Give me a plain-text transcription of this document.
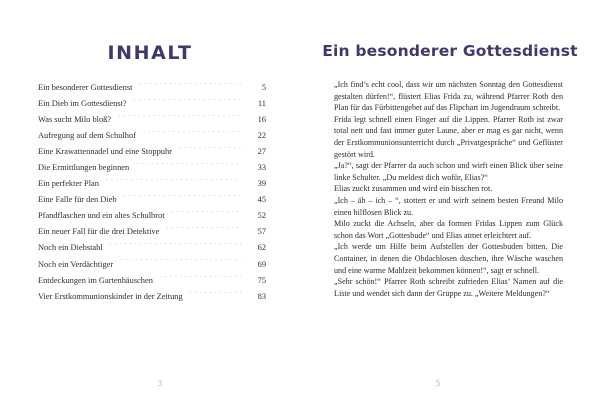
INHALT
Ein besonderer Gottesdienst . . .	5
Ein Dieb im Gottesdienst? . . .	11
Was sucht Milo bloß? . . .	16
Aufregung auf dem Schulhof . . .	22
Eine Krawattennadel und eine Stoppuhr . . .	27
Die Ermittlungen beginnen . . .	33
Ein perfekter Plan . . .	39
Eine Falle für den Dieb . . .	45
Pfandflaschen und ein altes Schulbrot . . .	52
Ein neuer Fall für die drei Detektive . . .	57
Noch ein Diebstahl . . .	62
Noch ein Verdächtiger . . .	69
Entdeckungen im Gartenhäuschen . . .	75
Vier Erstkommunionskinder in der Zeitung . . .	83
3
Ein besonderer Gottesdienst

„Ich find’s echt cool, dass wir um nächsten Sonntag den Gottesdienst gestalten dürfen!“, flüstert Elias Frida zu, während Pfarrer Roth den Plan für das Fürbittengebet auf das Flipchart im Jugendraum schreibt.

Frida legt schnell einen Finger auf die Lippen. Pfarrer Roth ist zwar total nett und fast immer guter Laune, aber er mag es gar nicht, wenn der Erstkommunionsunterricht durch „Privatgespräche“ und Geflüster gestört wird.

„Ja?“, sagt der Pfarrer da auch schon und wirft einen Blick über seine linke Schulter. „Du meldest dich wofür, Elias?“

Elias zuckt zusammen und wird ein bisschen rot.

„Ich – äh – ich – “, stottert er und wirft seinem besten Freund Milo einen hilflosen Blick zu.

Milo zuckt die Achseln, aber da formen Fridas Lippen zum Glück schon das Wort „Gottesbude“ und Elias atmet erleichtert auf.

„Ich werde um Hilfe beim Aufstellen der Gottesbuden bitten. Die Container, in denen die Obdachlosen duschen, ihre Wäsche waschen und eine warme Mahlzeit bekommen können!“, sagt er schnell.

„Sehr schön!“ Pfarrer Roth schreibt zufrieden Elias’ Namen auf die Liste und wendet sich dann der Gruppe zu. „Weitere Meldungen?“

5
